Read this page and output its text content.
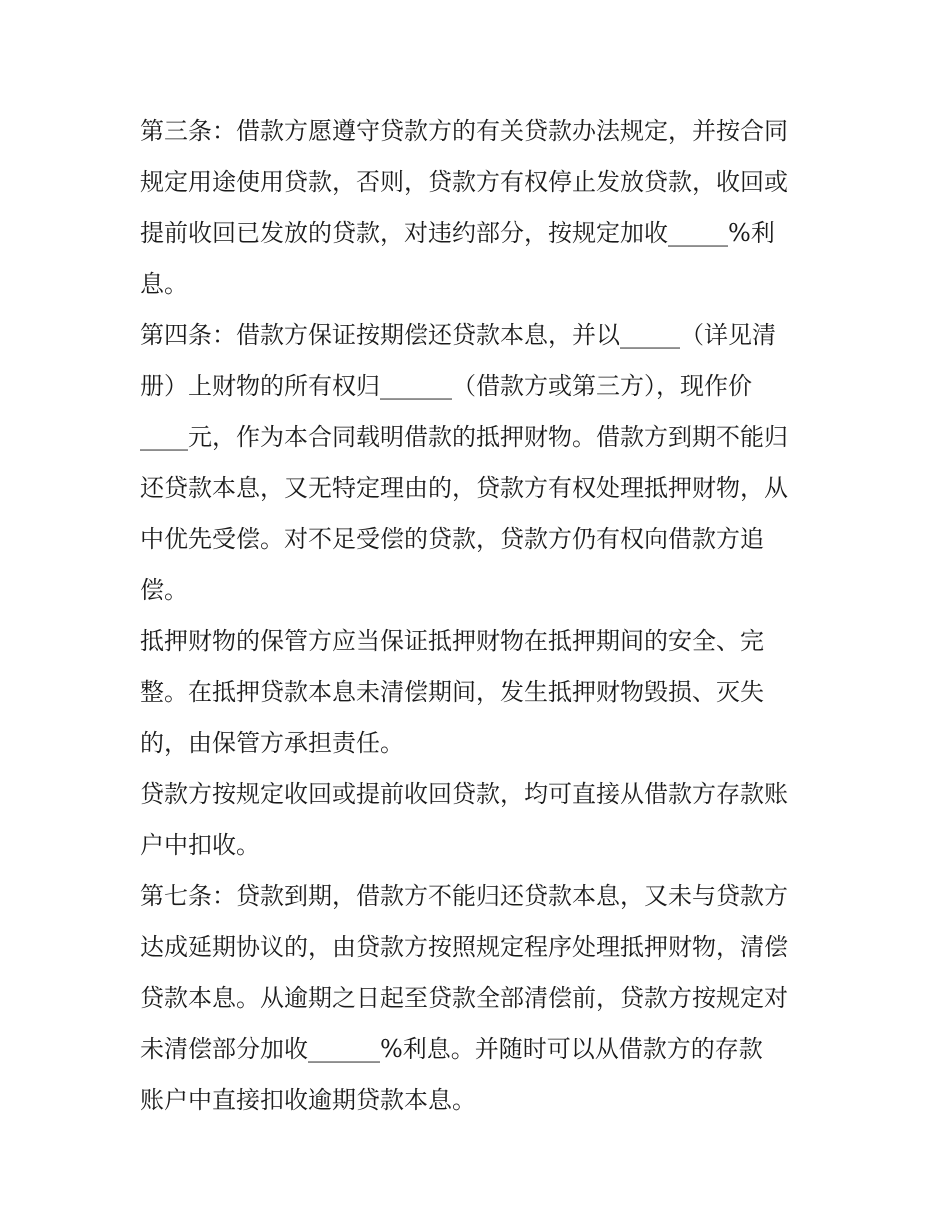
第三条：借款方愿遵守贷款方的有关贷款办法规定，并按合同

规定用途使用贷款，否则，贷款方有权停止发放贷款，收回或

提前收回已发放的贷款，对违约部分，按规定加收_____%利

息。

第四条：借款方保证按期偿还贷款本息，并以_____（详见清

册）上财物的所有权归______（借款方或第三方），现作价

____元，作为本合同载明借款的抵押财物。借款方到期不能归

还贷款本息，又无特定理由的，贷款方有权处理抵押财物，从

中优先受偿。对不足受偿的贷款，贷款方仍有权向借款方追

偿。

抵押财物的保管方应当保证抵押财物在抵押期间的安全、完

整。在抵押贷款本息未清偿期间，发生抵押财物毁损、灭失

的，由保管方承担责任。

贷款方按规定收回或提前收回贷款，均可直接从借款方存款账

户中扣收。

第七条：贷款到期，借款方不能归还贷款本息，又未与贷款方

达成延期协议的，由贷款方按照规定程序处理抵押财物，清偿

贷款本息。从逾期之日起至贷款全部清偿前，贷款方按规定对

未清偿部分加收______%利息。并随时可以从借款方的存款

账户中直接扣收逾期贷款本息。
